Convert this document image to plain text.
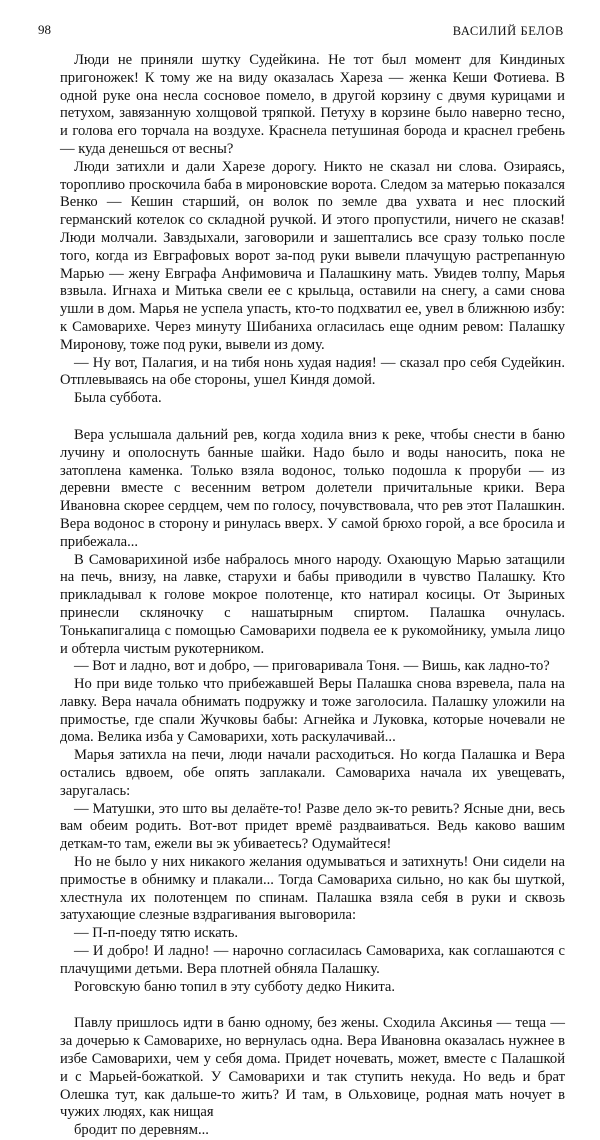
98	ВАСИЛИЙ БЕЛОВ

Люди не приняли шутку Судейкина. Не тот был момент для Киндиных пригоножек! К тому же на виду оказалась Хареза — женка Кеши Фотиева. В одной руке она несла сосновое помело, в другой корзину с двумя курицами и петухом, завязанную холщовой тряпкой. Петуху в корзине было наверно тесно, и голова его торчала на воздухе. Краснела петушиная борода и краснел гребень — куда денешься от весны?

Люди затихли и дали Харезе дорогу. Никто не сказал ни слова. Озираясь, торопливо проскочила баба в мироновские ворота. Следом за матерью показался Венко — Кешин старший, он волок по земле два ухвата и нес плоский германский котелок со складной ручкой. И этого пропустили, ничего не сказав! Люди молчали. Завздыхали, заговорили и зашептались все сразу только после того, когда из Евграфовых ворот за-под руки вывели плачущую растрепанную Марью — жену Евграфа Анфимовича и Палашкину мать. Увидев толпу, Марья взвыла. Игнаха и Митька свели ее с крыльца, оставили на снегу, а сами снова ушли в дом. Марья не успела упасть, кто-то подхватил ее, увел в ближнюю избу: к Самоварихе. Через минуту Шибаниха огласилась еще одним ревом: Палашку Миронову, тоже под руки, вывели из дому.

— Ну вот, Палагия, и на тибя нонь худая надия! — сказал про себя Судейкин. Отплевываясь на обе стороны, ушел Киндя домой.

Была суббота.

Вера услышала дальний рев, когда ходила вниз к реке, чтобы снести в баню лучину и ополоснуть банные шайки. Надо было и воды наносить, пока не затоплена каменка. Только взяла водонос, только подошла к проруби — из деревни вместе с весенним ветром долетели причитальные крики. Вера Ивановна скорее сердцем, чем по голосу, почувствовала, что рев этот Палашкин. Вера водонос в сторону и ринулась вверх. У самой брюхо горой, а все бросила и прибежала...

В Самоварихиной избе набралось много народу. Охающую Марью затащили на печь, внизу, на лавке, старухи и бабы приводили в чувство Палашку. Кто прикладывал к голове мокрое полотенце, кто натирал косицы. От Зыриных принесли скляночку с нашатырным спиртом. Палашка очнулась. Тонькапигалица с помощью Самоварихи подвела ее к рукомойнику, умыла лицо и обтерла чистым рукотерником.

— Вот и ладно, вот и добро, — приговаривала Тоня. — Вишь, как ладно-то?

Но при виде только что прибежавшей Веры Палашка снова взревела, пала на лавку. Вера начала обнимать подружку и тоже заголосила. Палашку уложили на примостье, где спали Жучковы бабы: Агнейка и Луковка, которые ночевали не дома. Велика изба у Самоварихи, хоть раскулачивай...

Марья затихла на печи, люди начали расходиться. Но когда Палашка и Вера остались вдвоем, обе опять заплакали. Самовариха начала их увещевать, заругалась:

— Матушки, это што вы делаёте-то! Разве дело эк-то ревить? Ясные дни, весь вам обеим родить. Вот-вот придет времё раздваиваться. Ведь каково вашим деткам-то там, ежели вы эк убиваетесь? Одумайтеся!

Но не было у них никакого желания одумываться и затихнуть! Они сидели на примостье в обнимку и плакали... Тогда Самовариха сильно, но как бы шуткой, хлестнула их полотенцем по спинам. Палашка взяла себя в руки и сквозь затухающие слезные вздрагивания выговорила:

— П-п-поеду тятю искать.

— И добро! И ладно! — нарочно согласилась Самовариха, как соглашаются с плачущими детьми. Вера плотней обняла Палашку.

Роговскую баню топил в эту субботу дедко Никита.

Павлу пришлось идти в баню одному, без жены. Сходила Аксинья — теща — за дочерью к Самоварихе, но вернулась одна. Вера Ивановна оказалась нужнее в избе Самоварихи, чем у себя дома. Придет ночевать, может, вместе с Палашкой и с Марьей-божаткой. У Самоварихи и так ступить некуда. Но ведь и брат Олешка тут, как дальше-то жить? И там, в Ольховице, родная мать ночует в чужих людях, как нищая

бродит по деревням...
